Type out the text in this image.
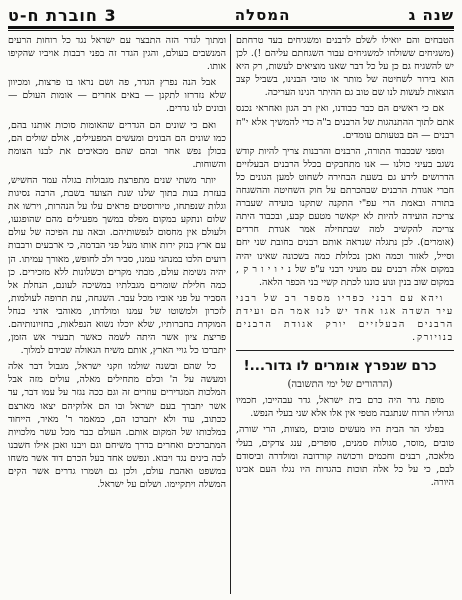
שנה ג
המסלה
3 חוברת ח-ט

הטבחים והם יואילו לשלם לרבנים ומשגיחים בעד טרחתם (משגיחים ששולחו למשגיחים עבור השגחתם עליהם !). לכן יש להשגיח גם כן על כל דבר שאנו מוציאים לעשות, רק היא הוא בירור לשחיטה של מותר או טובי הבנינו, בשביל קצב הוצאות לעשות לנו שם טוב גם ההיתר הנינו העריכה.

אם כי ראשים הם כבר כבודנו, ואין רב הגון ואחראי נכנס אתם לתוך ההתנהגות של הרבנים ב"ה כדי להמשיך אלא י"ח רבנים — הם בטעותם עומדים.

ומפני שבכבוד התורה, הרבנים והרבנות צריך להיות קודש נשגב בעיני כולנו — אנו מתחבקים בכלל הרבנים הבעלזיים הדרושים לידע גם בשעת הבחירה לשחוט למען הגונים כל חברי אגודת הרבנים שבהכרתם על חוק השחיטה וההשגחה בתורה ובאמת הרי עפ"י התקנה שתקנו בועידה שעברה צריכה הועידה להיות לא יקאשר מטעם קבע, ובכבוד היתה צריכה להקשיב למה שבתחילה אמר אגודת חרדים (אומרים). לכן נתגלה שנראה אותם רבנים בחובת שני יחם וסייל, לאזור וכמה ואכן נכלולת כמה בשכונה שאינו יהיה במקום אלה רבנים עם מעיני רבני ע"פ של נ י ו י ו ר ק , במקום שוב בנין ונוע כוננו לכתת קשיי בני הכפר הלאה.

ויהא עם רבני כפריו מספר רב של רבני עיר השדה אגו אחד יש לנו אמר הם ועידת הרבנים הבעלזיים יורק אגודת הרבנים בנויורק.

כרם שנפרץ אומרים לו גדור...!

(הרהורים של ימי התשובה)

מופת גדר היה כרם בית ישראל, גדר עבהייבו, חכמיו וגדוליו הרוח שנתגבה מטפי אין אלו אלא שני בעלי הנפש.

בפלגי הר הבית היו מעשים טובים ,מצוות, הרי שורה, טובים ,מוסר, סגולות סמנים, סופרים, ענג צדקים, בעלי מלאכה, רבנים וחכמים ורכושה קורדובה ומולדרה וביסודם לבם, כי על כל אלה תוכות בהגדות היו נגלו העם אבינו היורה.

ומתוך לגדר הזה התבצר עם ישראל נגד כל רוחות הרעים המנשבים בעולם, והגין הגדר זה בפני רבבות אויביו שהקיפו אותו.

אבל הנה נפרץ הגדר, פה ושם נראו בו פרצות, ומכיוון שלא נזדרזו לתקנן — באים אחרים — אומות העולם — ובונים לנו גדרים.

ואם כי שונים הם הגדרים שהאומות סוכות אותנו בהם, כמו שונים הם הבונים ומעשים המפעילים, אולם שולים הם, בכולן נפש אחר ובהם שהם מכאיבים את לבנו הצומת והשוחות.

יותר משתי שנים מתפרצת מגבולות בגולה עמד החשיש, בעזרת בנות בתוך שלנו שנת הצועד בשבת, הרבה נסיגות וגלות שנפתחו, טיורוסטים פראים עלו על הנהרות, וירשו את שלום ונתקע במקום מפלס במשך מפעילים מהם שהופגעו, ולעולם אין מחסום לנפשותיהם. ובאה עת הפיכה של עולם עם ארץ בנזק ירות אותו מעל פני הבדמה, כי ארבעים ורבבות רועים הלכו במנהגי עמנו, סביר ולב לחופש, מאורך עמיתו. הן יהיה נשימת עולם, מבתי מקרים וכשלונות ללא מזכירים. כן כמה חלילת שומרים מגבלתיו במשיכה לעונם, הנחלת אל הסביר על פני אוביו מכל עבר. השגחה, עת תרופה לעולמות, לזכרון ולמשוטו של עמנו ומולדתו, מאוהבי אדני כנחל המוקדת בחברותיו, שלא יוכלו נשוא הנפלאות, בחזיונותיהם. פריצת ציון אשר היתה לשמה כאשר תבעיר אש הזמן, יתברכו כל גויי הארץ, אותם משיח הגאולה שבידם למלוך.

כל שהם ובשנה שולמו וזקני ישראל, מגבול דבר אלה ומעשה על ה' וכלם מתחילים מאלה, עולים מזה אבל המלכות המגדירים עוזרים זה וגם ככה נגזר על עמו דבר, עד אשר יתברך בעם ישראל ובו הם אלוקיהם יצאו מארצם ככתוב, עוד ולא יתברכו הם, כמאמר ר' מאיר, הייחוד במלכותו של המקום אותם. העולם כבר מכל עשר מלכויות המתברכים ואחרים בדרך משיחם וגם ויבנו ואכן אילו חשבנו לכה בינים נגד ויבוא. ונפשט אחד בעל הכרם דוד אשר משחו במשפט ואהבת עולם, ולכן גם ושמרו גדרים אשר הקים המשלה ויתקיימו. ושלום על ישראל.
